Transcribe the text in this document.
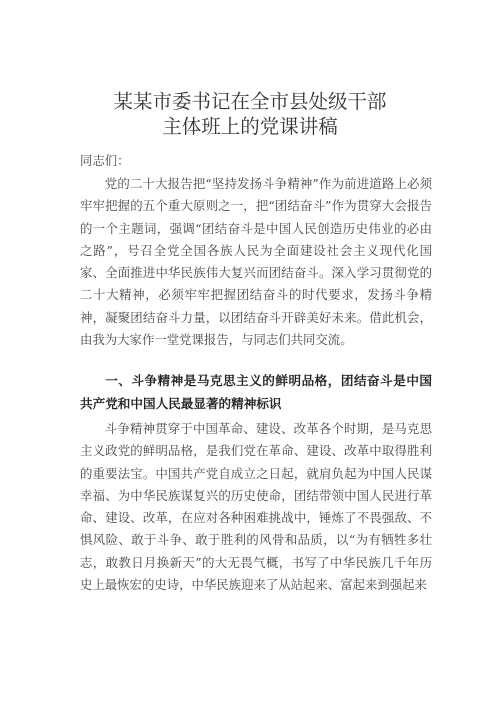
某某市委书记在全市县处级干部
主体班上的党课讲稿
同志们：

党的二十大报告把“坚持发扬斗争精神”作为前进道路上必须牢牢把握的五个重大原则之一，把“团结奋斗”作为贯穿大会报告的一个主题词，强调“团结奋斗是中国人民创造历史伟业的必由之路”，号召全党全国各族人民为全面建设社会主义现代化国家、全面推进中华民族伟大复兴而团结奋斗。深入学习贯彻党的二十大精神，必须牢牢把握团结奋斗的时代要求，发扬斗争精神，凝聚团结奋斗力量，以团结奋斗开辟美好未来。借此机会，由我为大家作一堂党课报告，与同志们共同交流。

一、斗争精神是马克思主义的鲜明品格，团结奋斗是中国共产党和中国人民最显著的精神标识

斗争精神贯穿于中国革命、建设、改革各个时期，是马克思主义政党的鲜明品格，是我们党在革命、建设、改革中取得胜利的重要法宝。中国共产党自成立之日起，就肩负起为中国人民谋幸福、为中华民族谋复兴的历史使命，团结带领中国人民进行革命、建设、改革，在应对各种困难挑战中，锤炼了不畏强敌、不惧风险、敢于斗争、敢于胜利的风骨和品质，以“为有牺牲多壮志，敢教日月换新天”的大无畏气概，书写了中华民族几千年历史上最恢宏的史诗，中华民族迎来了从站起来、富起来到强起来
